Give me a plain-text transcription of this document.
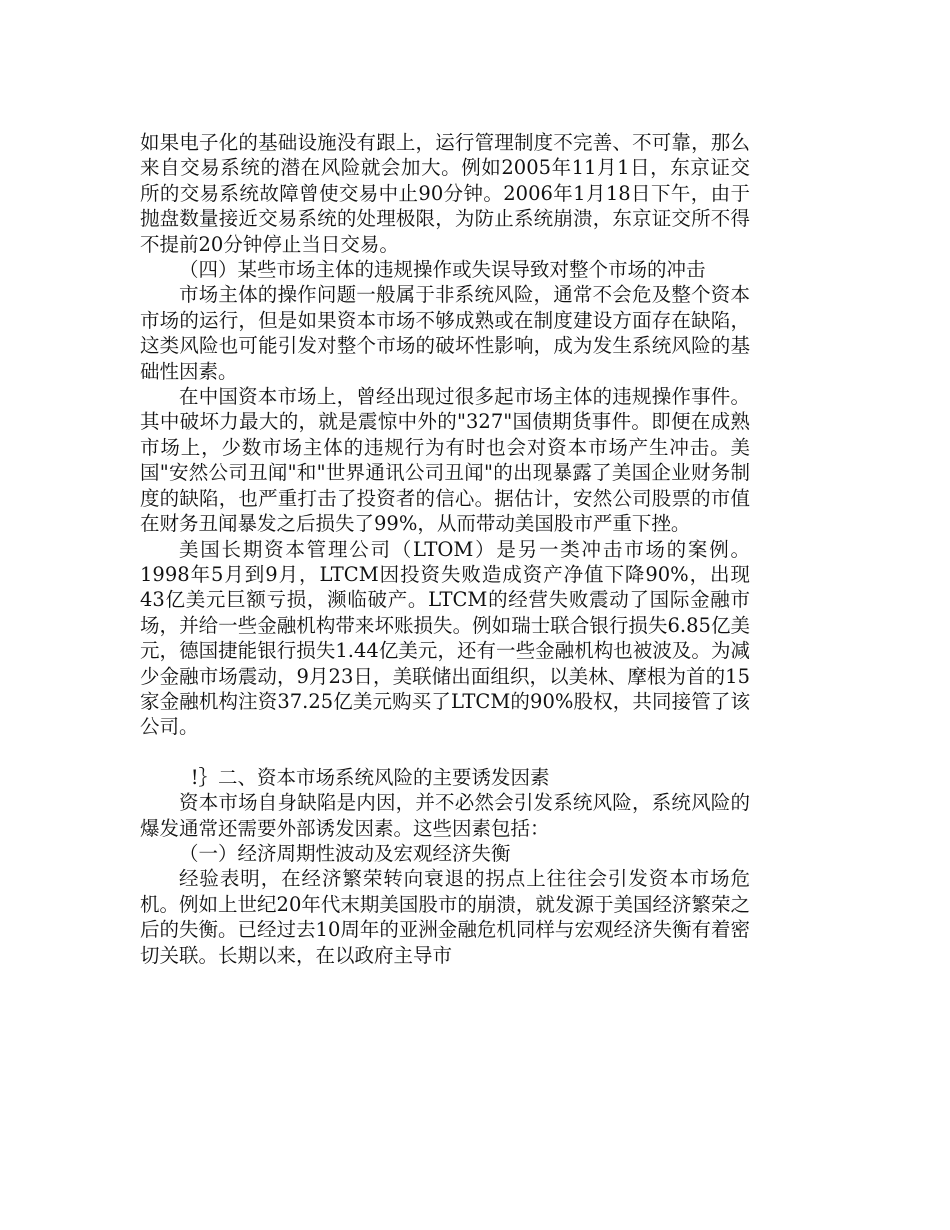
如果电子化的基础设施没有跟上，运行管理制度不完善、不可靠，那么来自交易系统的潜在风险就会加大。例如2005年11月1日，东京证交所的交易系统故障曾使交易中止90分钟。2006年1月18日下午，由于抛盘数量接近交易系统的处理极限，为防止系统崩溃，东京证交所不得不提前20分钟停止当日交易。

（四）某些市场主体的违规操作或失误导致对整个市场的冲击

市场主体的操作问题一般属于非系统风险，通常不会危及整个资本市场的运行，但是如果资本市场不够成熟或在制度建设方面存在缺陷，这类风险也可能引发对整个市场的破坏性影响，成为发生系统风险的基础性因素。

在中国资本市场上，曾经出现过很多起市场主体的违规操作事件。其中破坏力最大的，就是震惊中外的"327"国债期货事件。即便在成熟市场上，少数市场主体的违规行为有时也会对资本市场产生冲击。美国"安然公司丑闻"和"世界通讯公司丑闻"的出现暴露了美国企业财务制度的缺陷，也严重打击了投资者的信心。据估计，安然公司股票的市值在财务丑闻暴发之后损失了99%，从而带动美国股市严重下挫。

美国长期资本管理公司（LTOM）是另一类冲击市场的案例。1998年5月到9月，LTCM因投资失败造成资产净值下降90%，出现43亿美元巨额亏损，濒临破产。LTCM的经营失败震动了国际金融市场，并给一些金融机构带来坏账损失。例如瑞士联合银行损失6.85亿美元，德国捷能银行损失1.44亿美元，还有一些金融机构也被波及。为减少金融市场震动，9月23日，美联储出面组织，以美林、摩根为首的15家金融机构注资37.25亿美元购买了LTCM的90%股权，共同接管了该公司。

!｝二、资本市场系统风险的主要诱发因素

资本市场自身缺陷是内因，并不必然会引发系统风险，系统风险的爆发通常还需要外部诱发因素。这些因素包括：

（一）经济周期性波动及宏观经济失衡

经验表明，在经济繁荣转向衰退的拐点上往往会引发资本市场危机。例如上世纪20年代末期美国股市的崩溃，就发源于美国经济繁荣之后的失衡。已经过去10周年的亚洲金融危机同样与宏观经济失衡有着密切关联。长期以来，在以政府主导市
